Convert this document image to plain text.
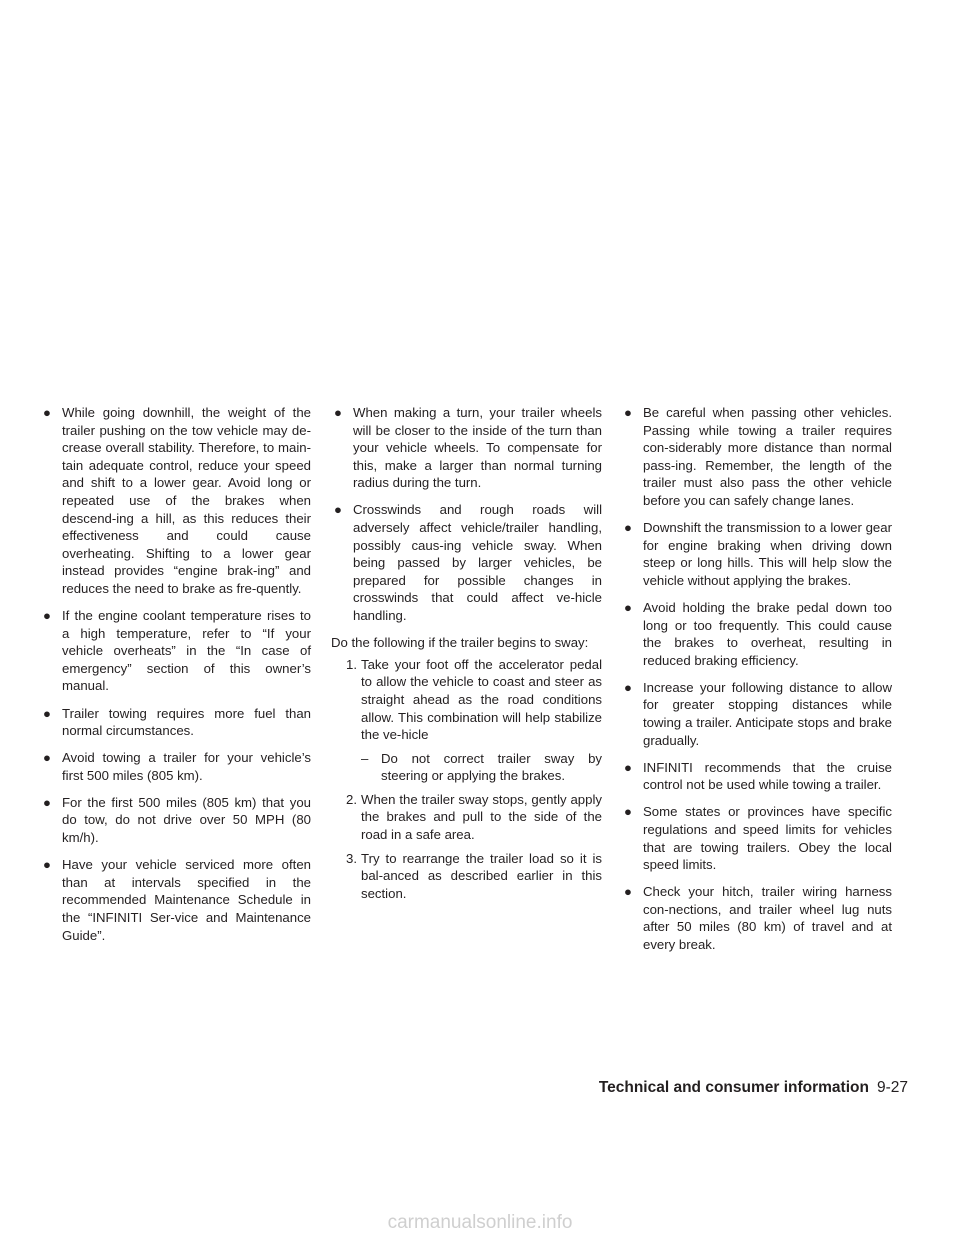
● While going downhill, the weight of the trailer pushing on the tow vehicle may de-crease overall stability. Therefore, to main-tain adequate control, reduce your speed and shift to a lower gear. Avoid long or repeated use of the brakes when descend-ing a hill, as this reduces their effectiveness and could cause overheating. Shifting to a lower gear instead provides “engine brak-ing” and reduces the need to brake as fre-quently.
● If the engine coolant temperature rises to a high temperature, refer to “If your vehicle overheats” in the “In case of emergency” section of this owner’s manual.
● Trailer towing requires more fuel than normal circumstances.
● Avoid towing a trailer for your vehicle’s first 500 miles (805 km).
● For the first 500 miles (805 km) that you do tow, do not drive over 50 MPH (80 km/h).
● Have your vehicle serviced more often than at intervals specified in the recommended Maintenance Schedule in the “INFINITI Ser-vice and Maintenance Guide”.
● When making a turn, your trailer wheels will be closer to the inside of the turn than your vehicle wheels. To compensate for this, make a larger than normal turning radius during the turn.
● Crosswinds and rough roads will adversely affect vehicle/trailer handling, possibly caus-ing vehicle sway. When being passed by larger vehicles, be prepared for possible changes in crosswinds that could affect ve-hicle handling.
Do the following if the trailer begins to sway:
1. Take your foot off the accelerator pedal to allow the vehicle to coast and steer as straight ahead as the road conditions allow. This combination will help stabilize the ve-hicle
– Do not correct trailer sway by steering or applying the brakes.
2. When the trailer sway stops, gently apply the brakes and pull to the side of the road in a safe area.
3. Try to rearrange the trailer load so it is bal-anced as described earlier in this section.
● Be careful when passing other vehicles. Passing while towing a trailer requires con-siderably more distance than normal pass-ing. Remember, the length of the trailer must also pass the other vehicle before you can safely change lanes.
● Downshift the transmission to a lower gear for engine braking when driving down steep or long hills. This will help slow the vehicle without applying the brakes.
● Avoid holding the brake pedal down too long or too frequently. This could cause the brakes to overheat, resulting in reduced braking efficiency.
● Increase your following distance to allow for greater stopping distances while towing a trailer. Anticipate stops and brake gradually.
● INFINITI recommends that the cruise control not be used while towing a trailer.
● Some states or provinces have specific regulations and speed limits for vehicles that are towing trailers. Obey the local speed limits.
● Check your hitch, trailer wiring harness con-nections, and trailer wheel lug nuts after 50 miles (80 km) of travel and at every break.
Technical and consumer information 9-27
carmanualsonline.info
